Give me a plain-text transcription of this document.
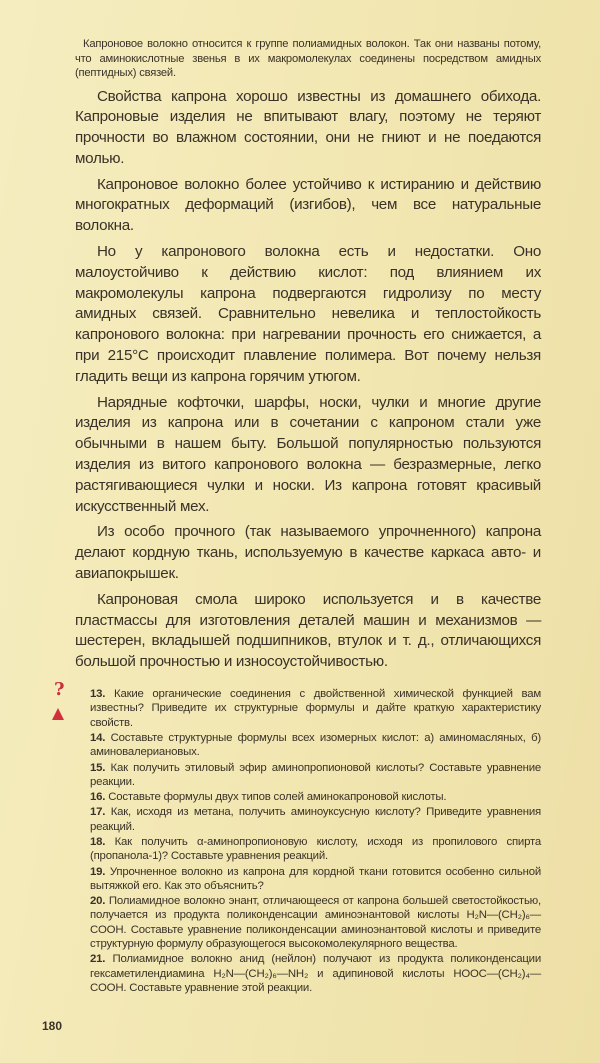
Капроновое волокно относится к группе полиамидных волокон. Так они названы потому, что аминокислотные звенья в их макромолекулах соединены посредством амидных (пептидных) связей.

Свойства капрона хорошо известны из домашнего обихода. Капроновые изделия не впитывают влагу, поэтому не теряют прочности во влажном состоянии, они не гниют и не поедаются молью.

Капроновое волокно более устойчиво к истиранию и действию многократных деформаций (изгибов), чем все натуральные волокна.

Но у капронового волокна есть и недостатки. Оно малоустойчиво к действию кислот: под влиянием их макромолекулы капрона подвергаются гидролизу по месту амидных связей. Сравнительно невелика и теплостойкость капронового волокна: при нагревании прочность его снижается, а при 215°C происходит плавление полимера. Вот почему нельзя гладить вещи из капрона горячим утюгом.

Нарядные кофточки, шарфы, носки, чулки и многие другие изделия из капрона или в сочетании с капроном стали уже обычными в нашем быту. Большой популярностью пользуются изделия из витого капронового волокна — безразмерные, легко растягивающиеся чулки и носки. Из капрона готовят красивый искусственный мех.

Из особо прочного (так называемого упрочненного) капрона делают кордную ткань, используемую в качестве каркаса авто- и авиапокрышек.

Капроновая смола широко используется и в качестве пластмассы для изготовления деталей машин и механизмов — шестерен, вкладышей подшипников, втулок и т. д., отличающихся большой прочностью и износоустойчивостью.

? 13. Какие органические соединения с двойственной химической функцией вам известны? Приведите их структурные формулы и дайте краткую характеристику свойств.

14. Составьте структурные формулы всех изомерных кислот: а) аминомасляных, б) аминовалериановых.

15. Как получить этиловый эфир аминопропионовой кислоты? Составьте уравнение реакции.

16. Составьте формулы двух типов солей аминокапроновой кислоты.

17. Как, исходя из метана, получить аминоуксусную кислоту? Приведите уравнения реакций.

18. Как получить α-аминопропионовую кислоту, исходя из пропилового спирта (пропанола-1)? Составьте уравнения реакций.

19. Упрочненное волокно из капрона для кордной ткани готовится особенно сильной вытяжкой его. Как это объяснить?

20. Полиамидное волокно энант, отличающееся от капрона большей светостойкостью, получается из продукта поликонденсации аминоэнантовой кислоты H₂N—(CH₂)₆—COOH. Составьте уравнение поликонденсации аминоэнантовой кислоты и приведите структурную формулу образующегося высокомолекулярного вещества.

21. Полиамидное волокно анид (нейлон) получают из продукта поликонденсации гексаметилендиамина H₂N—(CH₂)₆—NH₂ и адипиновой кислоты HOOC—(CH₂)₄—COOH. Составьте уравнение этой реакции.

180
